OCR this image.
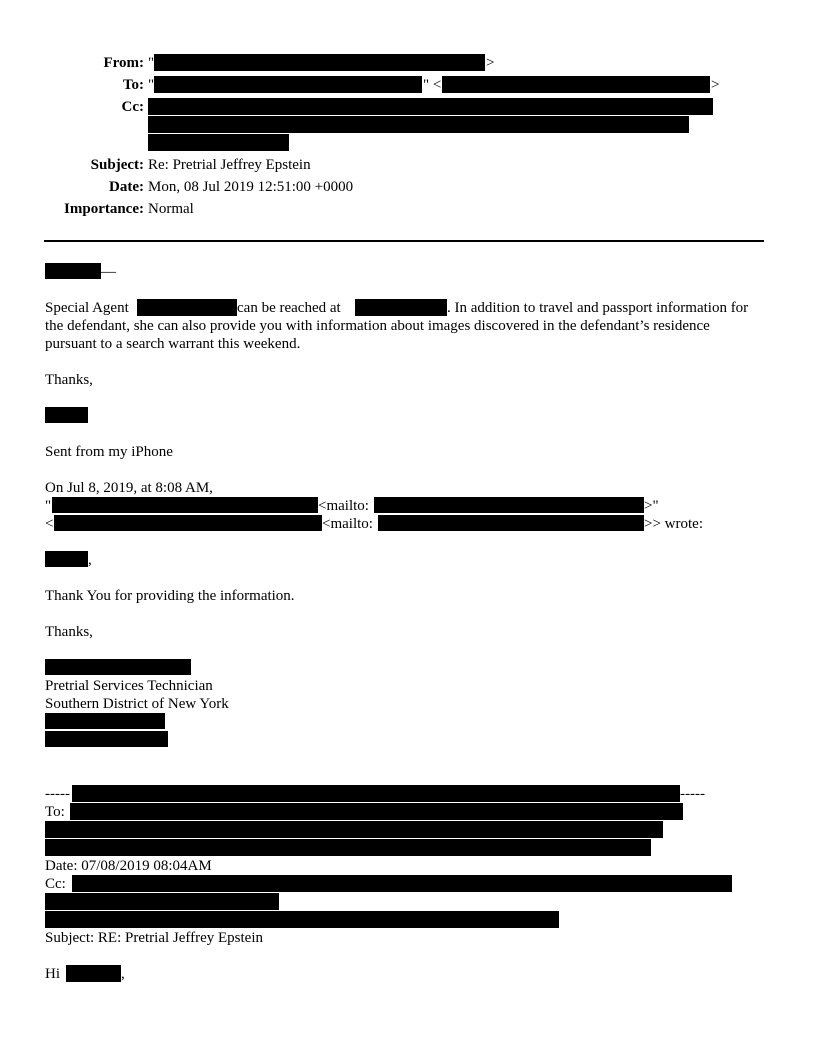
From: "	>
To: "	" <	>
Cc:
Subject: Re: Pretrial Jeffrey Epstein
Date: Mon, 08 Jul 2019 12:51:00 +0000
Importance: Normal
—
Special Agent	can be reached at	. In addition to travel and passport information for
the defendant, she can also provide you with information about images discovered in the defendant’s residence
pursuant to a search warrant this weekend.
Thanks,
Sent from my iPhone
On Jul 8, 2019, at 8:08 AM,
"	<mailto:	>"
<	<mailto:	>> wrote:
,
Thank You for providing the information.
Thanks,
Pretrial Services Technician
Southern District of New York
-----	-----
To:
Date: 07/08/2019 08:04AM
Cc:
Subject: RE: Pretrial Jeffrey Epstein
Hi	,
